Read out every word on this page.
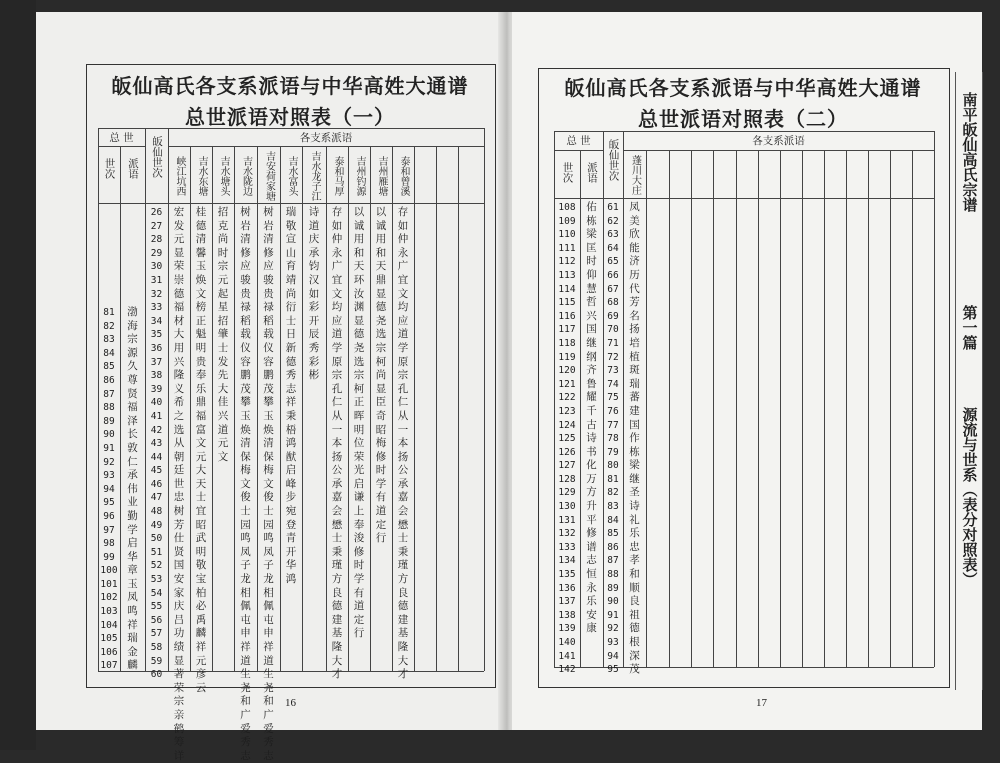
皈仙高氏各支系派语与中华高姓大通谱
总世派语对照表（一）
总 世	各支系派语
世次 派语 皈仙世次 峡江坑西 吉水东塘 吉水塘头 吉水陇边 吉安荷家塘 吉水富头 吉水龙子江 泰和马厚 吉州钓源 吉州雁塘 泰和曾溪
81
82
83
84
85
86
87
88
89
90
91
92
93
94
95
96
97
98
99
100
101
102
103
104
105
106
107
渤海宗源久尊贤福泽长敦仁承伟业勤学启华章玉凤鸣祥瑞金麟
26
27
28
29
30
31
32
33
34
35
36
37
38
39
40
41
42
43
44
45
46
47
48
49
50
51
52
53
54
55
56
57
58
59
60
宏发元显荣崇德福材大用兴隆义希之选从朝廷世忠树芳仕贤国安家庆吕功绩显著荣宗亲鹤筹详
桂德清馨玉焕文榜正魁明贵奉乐鼎福富文元大天士宜昭武明敬宝柏必禹麟祥元彦云
招克尚时宗元起星招肇士发先大佳兴道元文
树岩清修应骏贵禄稻载仪容鹏茂攀玉焕清保梅文俊士园鸣凤子龙相佩屯申祥道生尧和广爱秀志
树岩清修应骏贵禄稻载仪容鹏茂攀玉焕清保梅文俊士园鸣凤子龙相佩屯申祥道生尧和广爱秀志
瑞敬宣山育靖尚衍士日新德秀志祥秉梧鸿猷启峰步宛登青开华鸿
诗道庆承钧汉如彩开辰秀彩彬
存如仲永广宜文均应道学原宗孔仁从一本扬公承嘉会懋士秉瑾方良德建基隆大才
以诚用和天环汝渊显德尧选宗柯正晖明位荣光启谦上奉浚修时学有道定行
以诚用和天鼎显德尧选宗柯尚显臣奇昭梅修时学有道定行
存如仲永广宜文均应道学原宗孔仁从一本扬公承嘉会懋士秉瑾方良德建基隆大才
16
皈仙高氏各支系派语与中华高姓大通谱
总世派语对照表（二）
总 世	各支系派语
世次 派语 皈仙世次 蓬川大庄
108
109
110
111
112
113
114
115
116
117
118
119
120
121
122
123
124
125
126
127
128
129
130
131
132
133
134
135
136
137
138
139
140
141
142
佑栋梁匡时仰慧哲兴国继纲齐鲁耀千古诗书化万方升平修谱志恒永乐安康
61
62
63
64
65
66
67
68
69
70
71
72
73
74
75
76
77
78
79
80
81
82
83
84
85
86
87
88
89
90
91
92
93
94
95
凤美欣能济历代芳名扬培植斑瑞蕃建国作栋梁继圣诗礼乐忠孝和顺良祖德根深茂
17
南平皈仙高氏宗谱
第一篇
源流与世系（表分对照表）
